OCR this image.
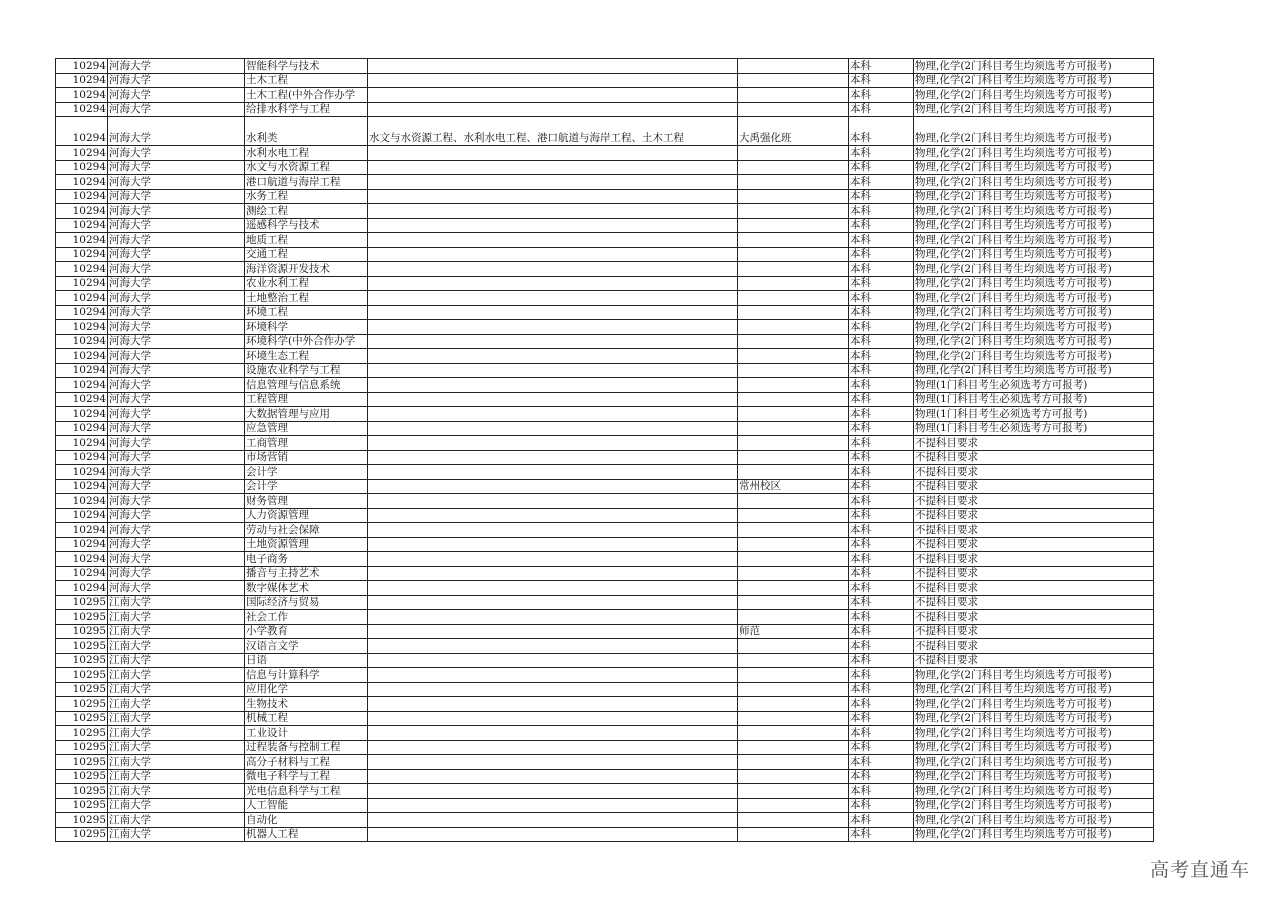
10294	河海大学	智能科学与技术			本科	物理,化学(2门科目考生均须选考方可报考)
10294	河海大学	土木工程			本科	物理,化学(2门科目考生均须选考方可报考)
10294	河海大学	土木工程(中外合作办学			本科	物理,化学(2门科目考生均须选考方可报考)
10294	河海大学	给排水科学与工程			本科	物理,化学(2门科目考生均须选考方可报考)
10294	河海大学	水利类	水文与水资源工程、水利水电工程、港口航道与海岸工程、土木工程	大禹强化班	本科	物理,化学(2门科目考生均须选考方可报考)
10294	河海大学	水利水电工程			本科	物理,化学(2门科目考生均须选考方可报考)
10294	河海大学	水文与水资源工程			本科	物理,化学(2门科目考生均须选考方可报考)
10294	河海大学	港口航道与海岸工程			本科	物理,化学(2门科目考生均须选考方可报考)
10294	河海大学	水务工程			本科	物理,化学(2门科目考生均须选考方可报考)
10294	河海大学	测绘工程			本科	物理,化学(2门科目考生均须选考方可报考)
10294	河海大学	遥感科学与技术			本科	物理,化学(2门科目考生均须选考方可报考)
10294	河海大学	地质工程			本科	物理,化学(2门科目考生均须选考方可报考)
10294	河海大学	交通工程			本科	物理,化学(2门科目考生均须选考方可报考)
10294	河海大学	海洋资源开发技术			本科	物理,化学(2门科目考生均须选考方可报考)
10294	河海大学	农业水利工程			本科	物理,化学(2门科目考生均须选考方可报考)
10294	河海大学	土地整治工程			本科	物理,化学(2门科目考生均须选考方可报考)
10294	河海大学	环境工程			本科	物理,化学(2门科目考生均须选考方可报考)
10294	河海大学	环境科学			本科	物理,化学(2门科目考生均须选考方可报考)
10294	河海大学	环境科学(中外合作办学			本科	物理,化学(2门科目考生均须选考方可报考)
10294	河海大学	环境生态工程			本科	物理,化学(2门科目考生均须选考方可报考)
10294	河海大学	设施农业科学与工程			本科	物理,化学(2门科目考生均须选考方可报考)
10294	河海大学	信息管理与信息系统			本科	物理(1门科目考生必须选考方可报考)
10294	河海大学	工程管理			本科	物理(1门科目考生必须选考方可报考)
10294	河海大学	大数据管理与应用			本科	物理(1门科目考生必须选考方可报考)
10294	河海大学	应急管理			本科	物理(1门科目考生必须选考方可报考)
10294	河海大学	工商管理			本科	不提科目要求
10294	河海大学	市场营销			本科	不提科目要求
10294	河海大学	会计学			本科	不提科目要求
10294	河海大学	会计学		常州校区	本科	不提科目要求
10294	河海大学	财务管理			本科	不提科目要求
10294	河海大学	人力资源管理			本科	不提科目要求
10294	河海大学	劳动与社会保障			本科	不提科目要求
10294	河海大学	土地资源管理			本科	不提科目要求
10294	河海大学	电子商务			本科	不提科目要求
10294	河海大学	播音与主持艺术			本科	不提科目要求
10294	河海大学	数字媒体艺术			本科	不提科目要求
10295	江南大学	国际经济与贸易			本科	不提科目要求
10295	江南大学	社会工作			本科	不提科目要求
10295	江南大学	小学教育		师范	本科	不提科目要求
10295	江南大学	汉语言文学			本科	不提科目要求
10295	江南大学	日语			本科	不提科目要求
10295	江南大学	信息与计算科学			本科	物理,化学(2门科目考生均须选考方可报考)
10295	江南大学	应用化学			本科	物理,化学(2门科目考生均须选考方可报考)
10295	江南大学	生物技术			本科	物理,化学(2门科目考生均须选考方可报考)
10295	江南大学	机械工程			本科	物理,化学(2门科目考生均须选考方可报考)
10295	江南大学	工业设计			本科	物理,化学(2门科目考生均须选考方可报考)
10295	江南大学	过程装备与控制工程			本科	物理,化学(2门科目考生均须选考方可报考)
10295	江南大学	高分子材料与工程			本科	物理,化学(2门科目考生均须选考方可报考)
10295	江南大学	微电子科学与工程			本科	物理,化学(2门科目考生均须选考方可报考)
10295	江南大学	光电信息科学与工程			本科	物理,化学(2门科目考生均须选考方可报考)
10295	江南大学	人工智能			本科	物理,化学(2门科目考生均须选考方可报考)
10295	江南大学	自动化			本科	物理,化学(2门科目考生均须选考方可报考)
10295	江南大学	机器人工程			本科	物理,化学(2门科目考生均须选考方可报考)
高考直通车
